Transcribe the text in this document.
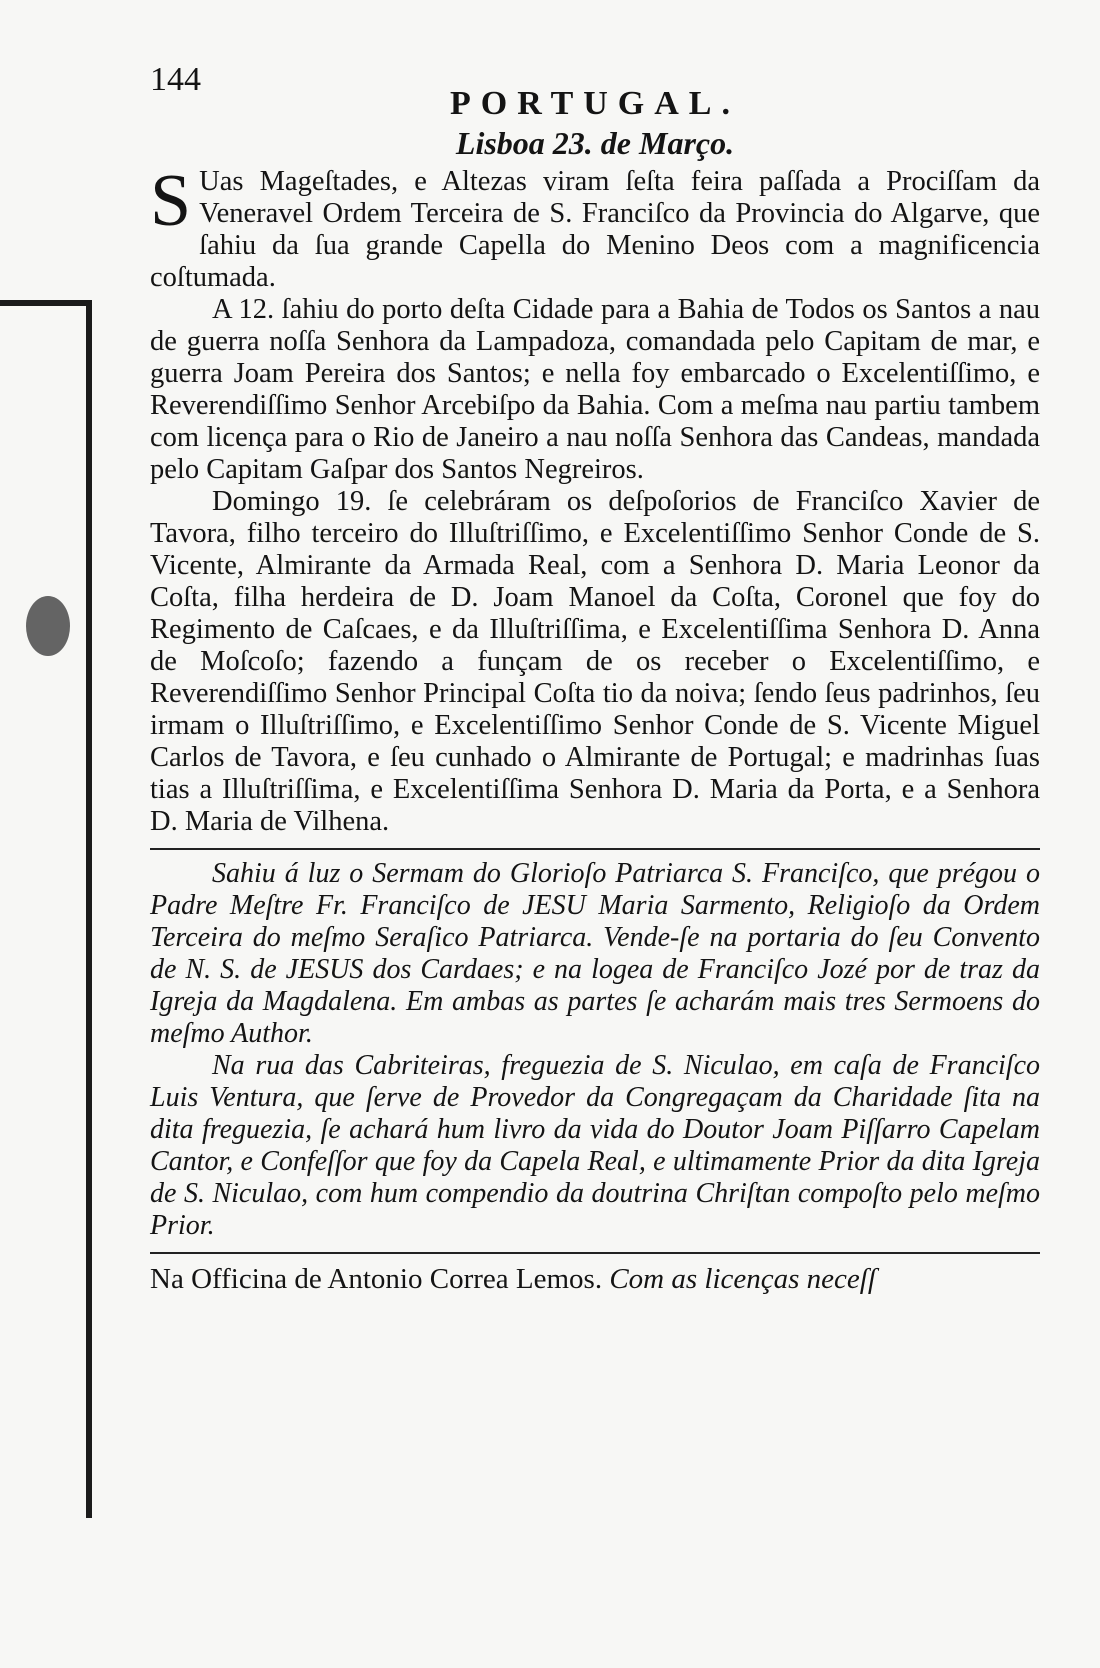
144
PORTUGAL.
Lisboa 23. de Março.

S Uas Mageſtades, e Altezas viram ſeſta feira paſſada a Prociſſam da Veneravel Ordem Terceira de S. Franciſco da Provincia do Algarve, que ſahiu da ſua grande Capella do Menino Deos com a magnificencia coſtumada.

A 12. ſahiu do porto deſta Cidade para a Bahia de Todos os Santos a nau de guerra noſſa Senhora da Lampadoza, comandada pelo Capitam de mar, e guerra Joam Pereira dos Santos; e nella foy embarcado o Excelentiſſimo, e Reverendiſſimo Senhor Arcebiſpo da Bahia. Com a meſma nau partiu tambem com licença para o Rio de Janeiro a nau noſſa Senhora das Candeas, mandada pelo Capitam Gaſpar dos Santos Negreiros.

Domingo 19. ſe celebráram os deſpoſorios de Franciſco Xavier de Tavora, filho terceiro do Illuſtriſſimo, e Excelentiſſimo Senhor Conde de S. Vicente, Almirante da Armada Real, com a Senhora D. Maria Leonor da Coſta, filha herdeira de D. Joam Manoel da Coſta, Coronel que foy do Regimento de Caſcaes, e da Illuſtriſſima, e Excelentiſſima Senhora D. Anna de Moſcoſo; fazendo a funçam de os receber o Excelentiſſimo, e Reverendiſſimo Senhor Principal Coſta tio da noiva; ſendo ſeus padrinhos, ſeu irmam o Illuſtriſſimo, e Excelentiſſimo Senhor Conde de S. Vicente Miguel Carlos de Tavora, e ſeu cunhado o Almirante de Portugal; e madrinhas ſuas tias a Illuſtriſſima, e Excelentiſſima Senhora D. Maria da Porta, e a Senhora D. Maria de Vilhena.

Sahiu á luz o Sermam do Glorioſo Patriarca S. Franciſco, que prégou o Padre Meſtre Fr. Franciſco de JESU Maria Sarmento, Religioſo da Ordem Terceira do meſmo Seraſico Patriarca. Vende-ſe na portaria do ſeu Convento de N. S. de JESUS dos Cardaes; e na logea de Franciſco Jozé por de traz da Igreja da Magdalena. Em ambas as partes ſe acharám mais tres Sermoens do meſmo Author.

Na rua das Cabriteiras, freguezia de S. Niculao, em caſa de Franciſco Luis Ventura, que ſerve de Provedor da Congregaçam da Charidade ſita na dita freguezia, ſe achará hum livro da vida do Doutor Joam Piſſarro Capelam Cantor, e Confeſſor que foy da Capela Real, e ultimamente Prior da dita Igreja de S. Niculao, com hum compendio da doutrina Chriſtan compoſto pelo meſmo Prior.

Na Officina de Antonio Correa Lemos. Com as licenças neceſſ
